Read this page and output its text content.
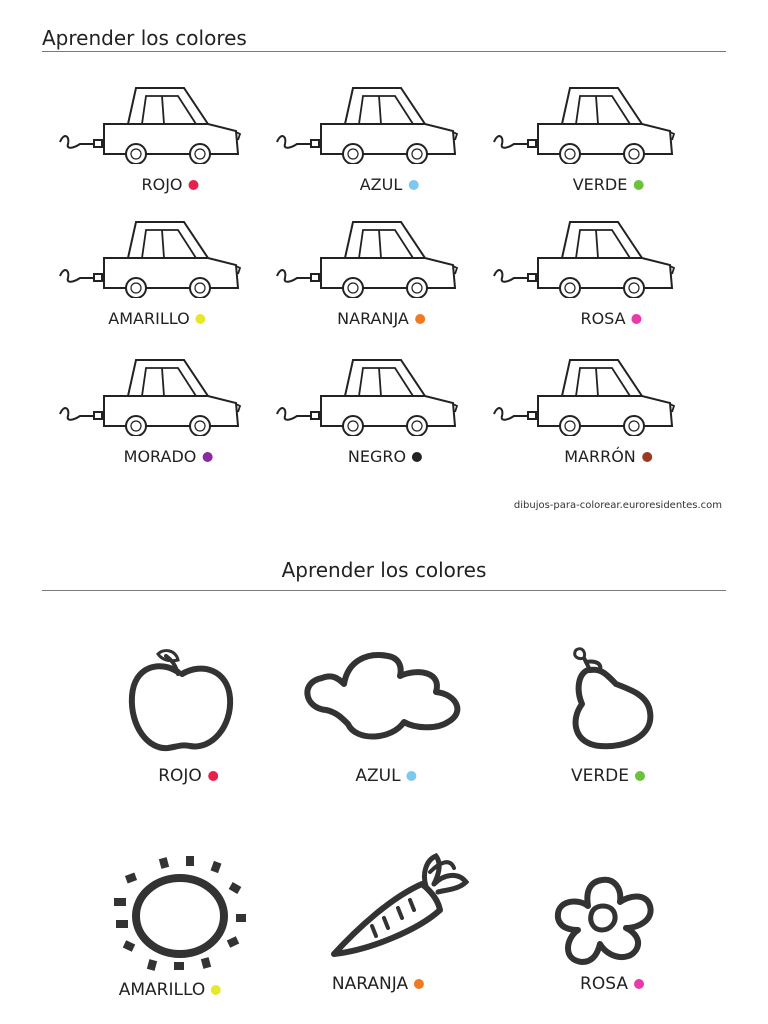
Aprender los colores
ROJO	AZUL	VERDE
AMARILLO	NARANJA	ROSA
MORADO	NEGRO	MARRÓN
dibujos-para-colorear.euroresidentes.com
Aprender los colores
ROJO	AZUL	VERDE
AMARILLO	NARANJA	ROSA
